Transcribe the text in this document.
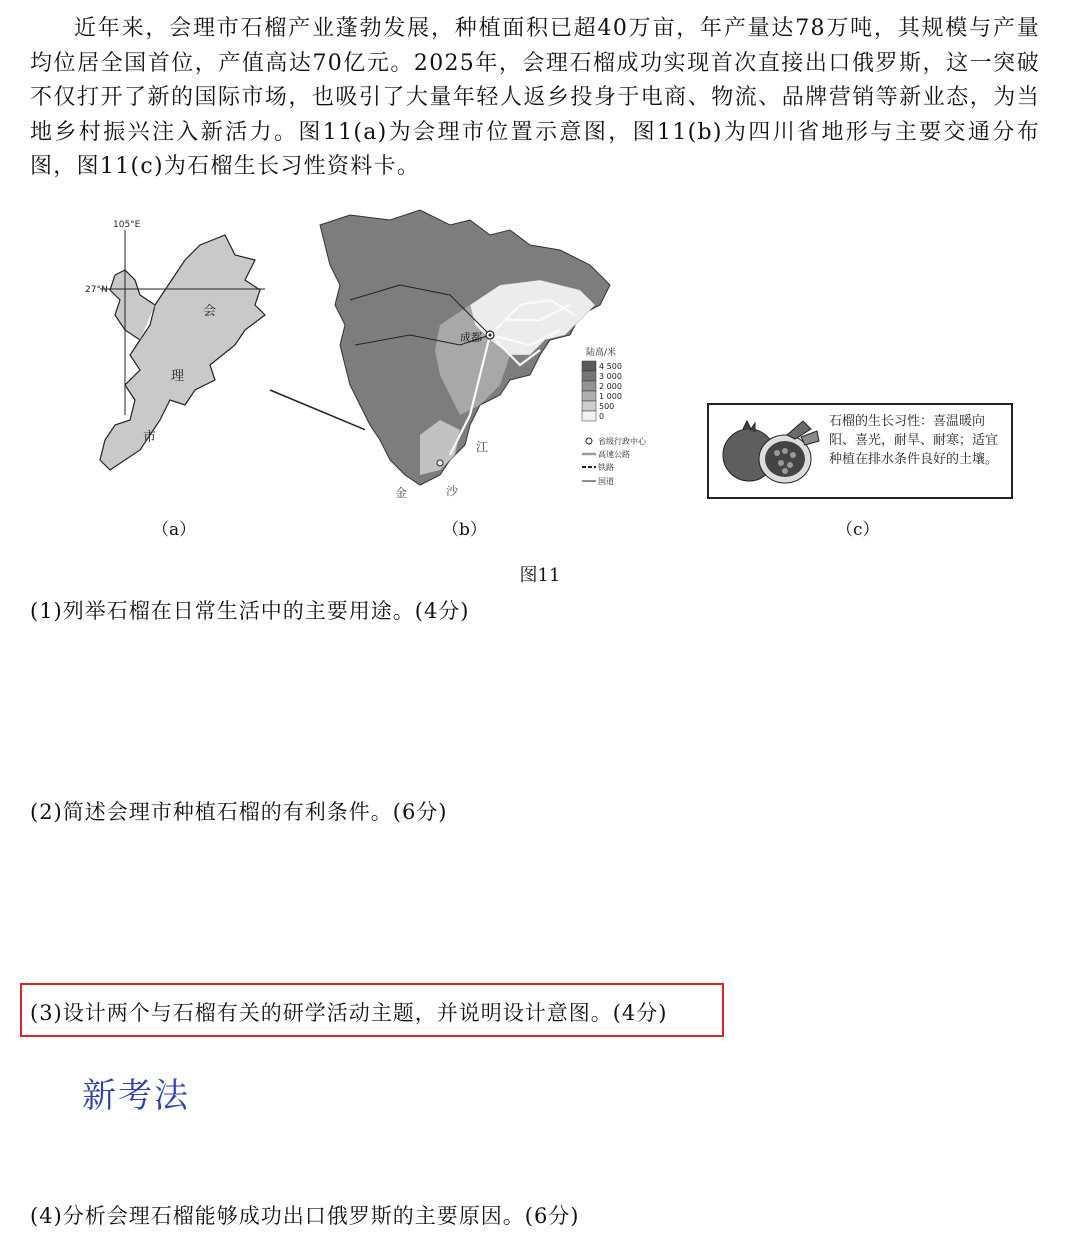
近年来，会理市石榴产业蓬勃发展，种植面积已超40万亩，年产量达78万吨，其规模与产量均位居全国首位，产值高达70亿元。2025年，会理石榴成功实现首次直接出口俄罗斯，这一突破不仅打开了新的国际市场，也吸引了大量年轻人返乡投身于电商、物流、品牌营销等新业态，为当地乡村振兴注入新活力。图11(a)为会理市位置示意图，图11(b)为四川省地形与主要交通分布图，图11(c)为石榴生长习性资料卡。

105°E
27°N
会
理
市
成都
江
金	沙
陆高/米
4 500
3 000
2 000
1 000
500
0
省级行政中心
高速公路
铁路
国道
石榴的生长习性：喜温暖向阳、喜光，耐旱、耐寒；适宜种植在排水条件良好的土壤。
（a）	（b）	（c）
图11

(1)列举石榴在日常生活中的主要用途。(4分)

(2)简述会理市种植石榴的有利条件。(6分)

(3)设计两个与石榴有关的研学活动主题，并说明设计意图。(4分)

新考法

(4)分析会理石榴能够成功出口俄罗斯的主要原因。(6分)
